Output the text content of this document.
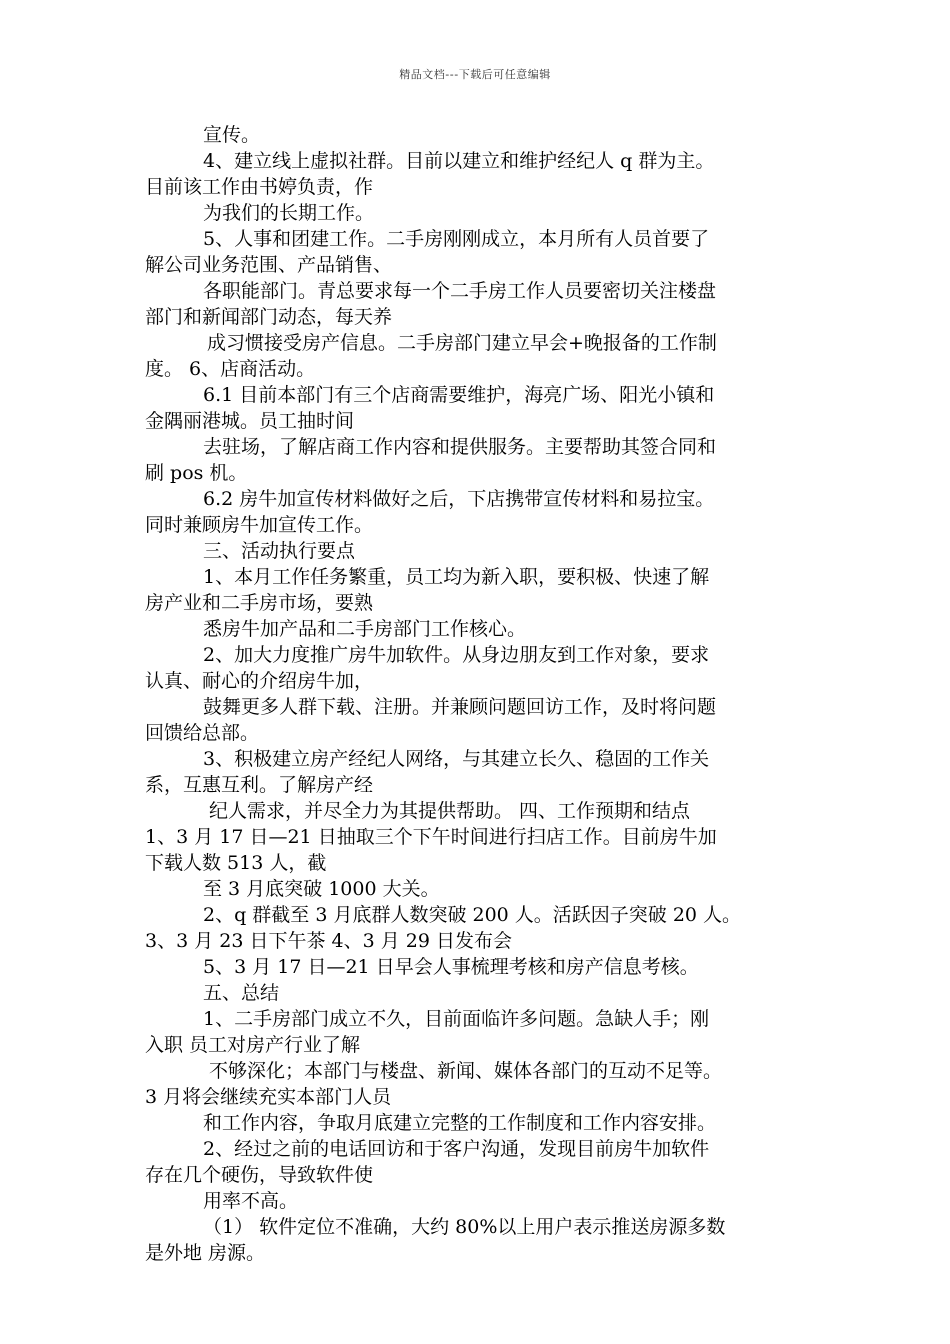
精品文档---下载后可任意编辑
宣传。
4、建立线上虚拟社群。目前以建立和维护经纪人 q 群为主。
目前该工作由书婷负责，作
为我们的长期工作。
5、人事和团建工作。二手房刚刚成立，本月所有人员首要了
解公司业务范围、产品销售、
各职能部门。青总要求每一个二手房工作人员要密切关注楼盘
部门和新闻部门动态，每天养
成习惯接受房产信息。二手房部门建立早会+晚报备的工作制
度。 6、店商活动。
6.1 目前本部门有三个店商需要维护，海亮广场、阳光小镇和
金隅丽港城。员工抽时间
去驻场，了解店商工作内容和提供服务。主要帮助其签合同和
刷 pos 机。
6.2 房牛加宣传材料做好之后，下店携带宣传材料和易拉宝。
同时兼顾房牛加宣传工作。
三、活动执行要点
1、本月工作任务繁重，员工均为新入职，要积极、快速了解
房产业和二手房市场，要熟
悉房牛加产品和二手房部门工作核心。
2、加大力度推广房牛加软件。从身边朋友到工作对象，要求
认真、耐心的介绍房牛加，
鼓舞更多人群下载、注册。并兼顾问题回访工作，及时将问题
回馈给总部。
3、积极建立房产经纪人网络，与其建立长久、稳固的工作关
系，互惠互利。了解房产经
纪人需求，并尽全力为其提供帮助。 四、工作预期和结点
1、3 月 17 日—21 日抽取三个下午时间进行扫店工作。目前房牛加
下载人数 513 人，截
至 3 月底突破 1000 大关。
2、q 群截至 3 月底群人数突破 200 人。活跃因子突破 20 人。
3、3 月 23 日下午茶 4、3 月 29 日发布会
5、3 月 17 日—21 日早会人事梳理考核和房产信息考核。
五、总结
1、二手房部门成立不久，目前面临许多问题。急缺人手；刚
入职 员工对房产行业了解
不够深化；本部门与楼盘、新闻、媒体各部门的互动不足等。
3 月将会继续充实本部门人员
和工作内容，争取月底建立完整的工作制度和工作内容安排。
2、经过之前的电话回访和于客户沟通，发现目前房牛加软件
存在几个硬伤，导致软件使
用率不高。
（1） 软件定位不准确，大约 80%以上用户表示推送房源多数
是外地 房源。
